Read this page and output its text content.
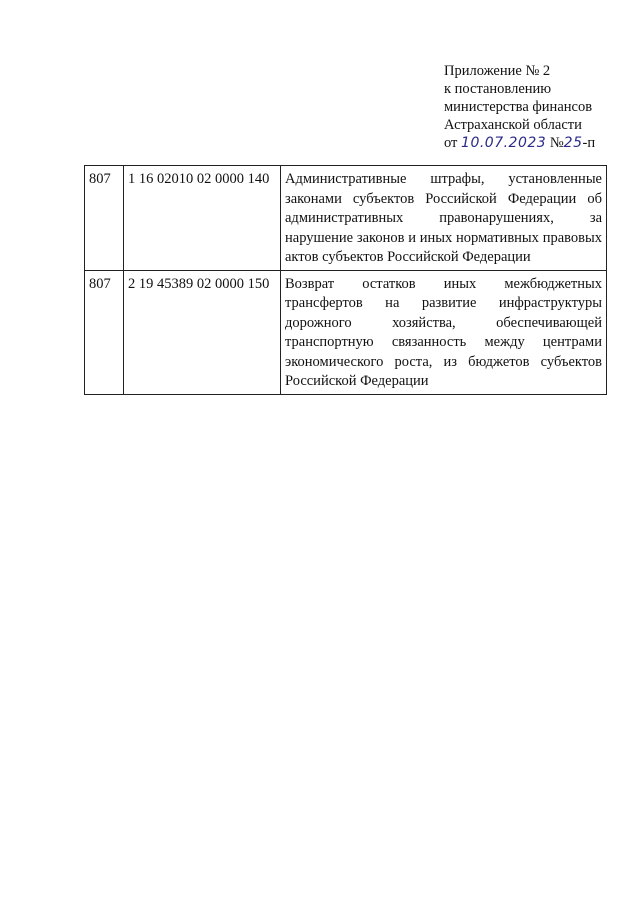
Приложение № 2
к постановлению
министерства финансов
Астраханской области
от 10.07.2023 №25-п
807	1 16 02010 02 0000 140	Административные штрафы, установленные законами субъектов Российской Федерации об административных правонарушениях, за нарушение законов и иных нормативных правовых актов субъектов Российской Федерации
807	2 19 45389 02 0000 150	Возврат остатков иных межбюджетных трансфертов на развитие инфраструктуры дорожного хозяйства, обеспечивающей транспортную связанность между центрами экономического роста, из бюджетов субъектов Российской Федерации
